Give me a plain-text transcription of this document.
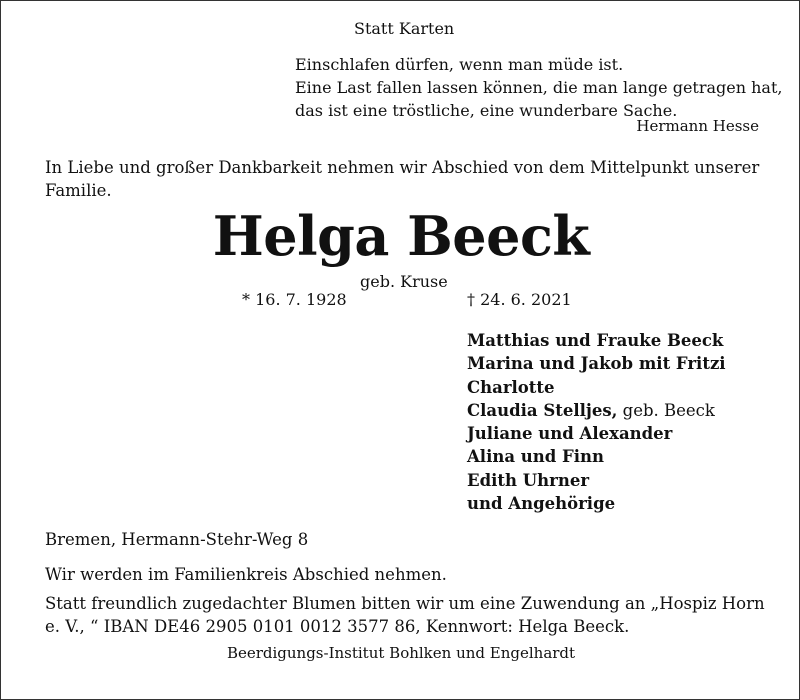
Statt Karten
Einschlafen dürfen, wenn man müde ist.
Eine Last fallen lassen können, die man lange getragen hat,
das ist eine tröstliche, eine wunderbare Sache.
Hermann Hesse
In Liebe und großer Dankbarkeit nehmen wir Abschied von dem Mittelpunkt unserer Familie.
Helga Beeck
geb. Kruse
* 16. 7. 1928	† 24. 6. 2021
Matthias und Frauke Beeck
Marina und Jakob mit Fritzi
Charlotte
Claudia Stelljes, geb. Beeck
Juliane und Alexander
Alina und Finn
Edith Uhrner
und Angehörige
Bremen, Hermann-Stehr-Weg 8
Wir werden im Familienkreis Abschied nehmen.
Statt freundlich zugedachter Blumen bitten wir um eine Zuwendung an „Hospiz Horn e. V., “ IBAN DE46 2905 0101 0012 3577 86, Kennwort: Helga Beeck.
Beerdigungs-Institut Bohlken und Engelhardt
